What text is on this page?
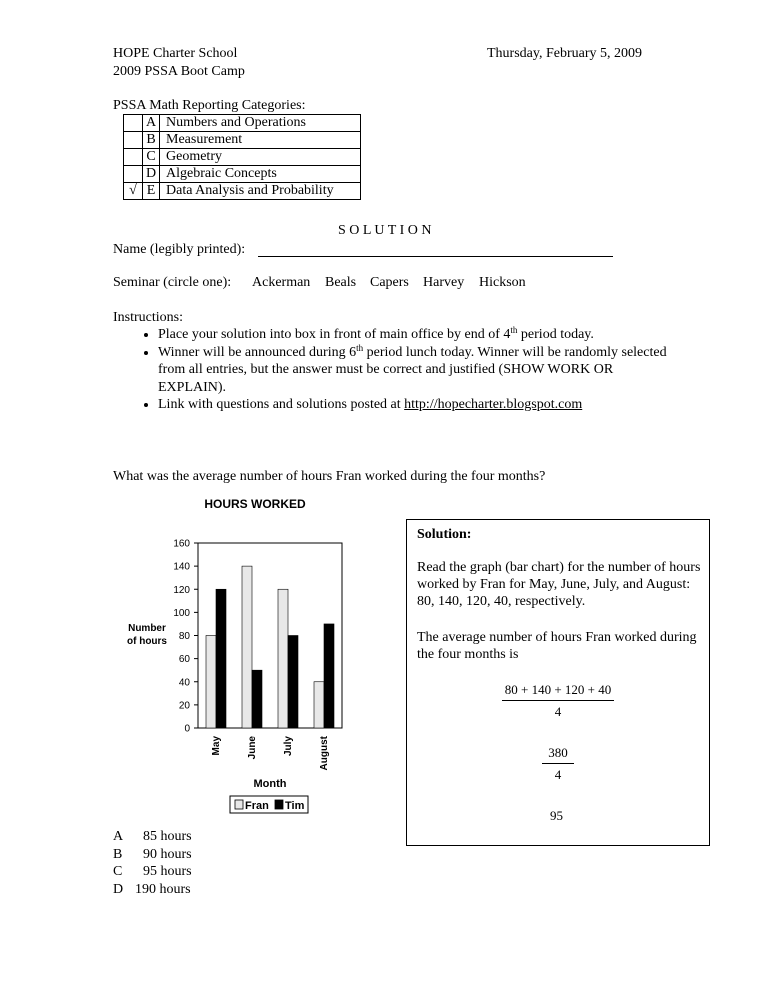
HOPE Charter School	Thursday, February 5, 2009
2009 PSSA Boot Camp
PSSA Math Reporting Categories:
	A	Numbers and Operations
	B	Measurement
	C	Geometry
	D	Algebraic Concepts
√	E	Data Analysis and Probability
S O L U T I O N
Name (legibly printed):
Seminar (circle one): Ackerman Beals Capers Harvey Hickson
Instructions:
• Place your solution into box in front of main office by end of 4th period today.
• Winner will be announced during 6th period lunch today. Winner will be randomly selected from all entries, but the answer must be correct and justified (SHOW WORK OR EXPLAIN).
• Link with questions and solutions posted at http://hopecharter.blogspot.com
What was the average number of hours Fran worked during the four months?
HOURS WORKED
Number
of hours
0
20
40
60
80
100
120
140
160
May	June	July	August
Month
Fran Tim
Solution:
Read the graph (bar chart) for the number of hours worked by Fran for May, June, July, and August: 80, 140, 120, 40, respectively.
The average number of hours Fran worked during the four months is
$\frac{80 + 140 + 120 + 40}{4}$
$\frac{380}{4}$
95
A 85 hours
B 90 hours
C 95 hours
D 190 hours
